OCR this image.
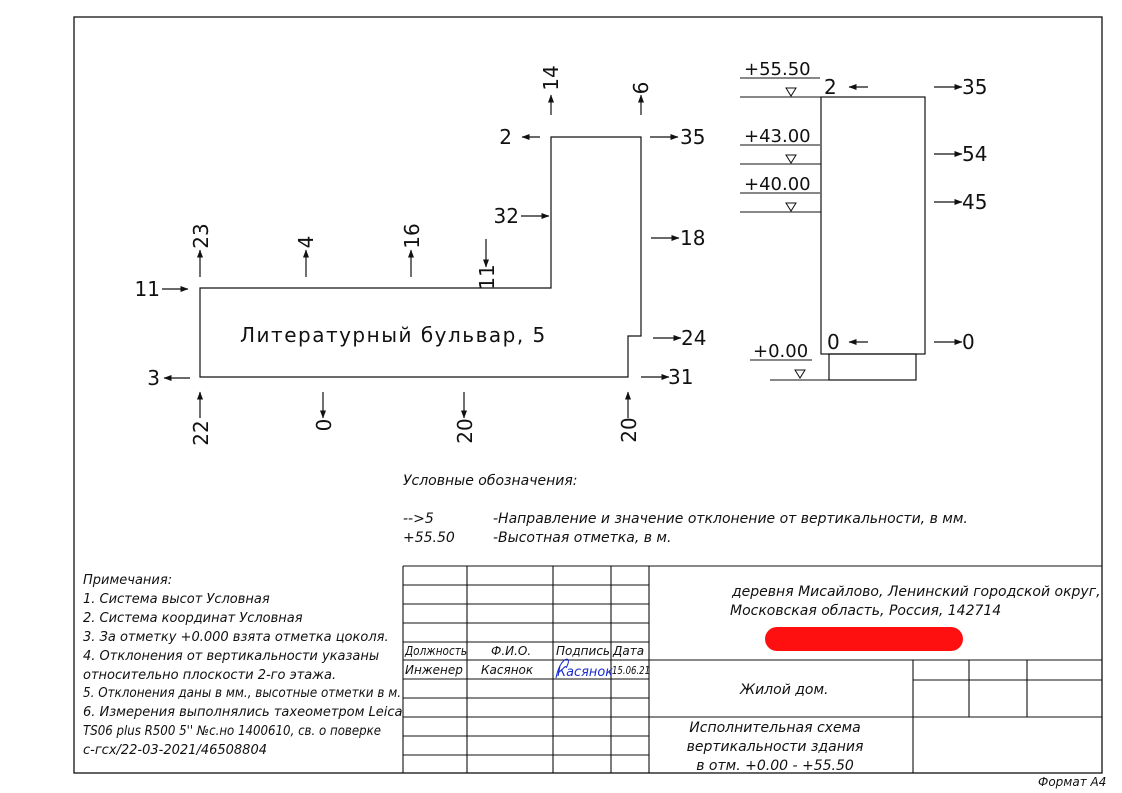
Литературный бульвар, 5
14	6
2	35
32
18
23	4	16
11
11
3
24
31
22	0	20	20
2
0
35
54
45
0
+55.50
+43.00
+40.00
+0.00
Условные обозначения:
-->5	-Направление и значение отклонение от вертикальности, в мм.
+55.50	-Высотная отметка, в м.
Примечания:
1. Система высот Условная
2. Система координат Условная
3. За отметку +0.000 взята отметка цоколя.
4. Отклонения от вертикальности указаны
относительно плоскости 2-го этажа.
5. Отклонения даны в мм., высотные отметки в м.
6. Измерения выполнялись тахеометром Leica
TS06 plus R500 5'' №с.но 1400610, св. о поверке
с-гсх/22-03-2021/46508804
Должность Ф.И.О. Подпись Дата
Инженер Касянок Касянок
15.06.21
деревня Мисайлово, Ленинский городской округ,
Московская область, Россия, 142714
Жилой дом.
Исполнительная схема
вертикальности здания
в отм. +0.00 - +55.50
Формат А4
